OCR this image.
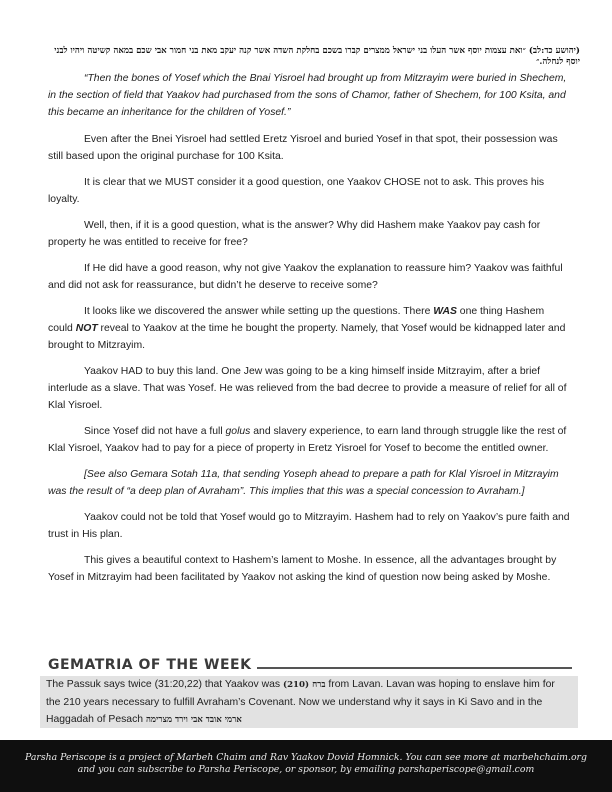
(יהושע כד:לב) ״ואת עצמות יוסף אשר העלו בני ישראל ממצרים קברו בשכם בחלקת השדה אשר קנה יעקב מאת בני חמור אבי שכם במאה קשיטה ויהיו לבני יוסף לנחלה.״

“Then the bones of Yosef which the Bnai Yisroel had brought up from Mitzrayim were buried in Shechem, in the section of field that Yaakov had purchased from the sons of Chamor, father of Shechem, for 100 Ksita, and this became an inheritance for the children of Yosef.”

Even after the Bnei Yisroel had settled Eretz Yisroel and buried Yosef in that spot, their possession was still based upon the original purchase for 100 Ksita.

It is clear that we MUST consider it a good question, one Yaakov CHOSE not to ask. This proves his loyalty.

Well, then, if it is a good question, what is the answer? Why did Hashem make Yaakov pay cash for property he was entitled to receive for free?

If He did have a good reason, why not give Yaakov the explanation to reassure him? Yaakov was faithful and did not ask for reassurance, but didn’t he deserve to receive some?

It looks like we discovered the answer while setting up the questions. There WAS one thing Hashem could NOT reveal to Yaakov at the time he bought the property. Namely, that Yosef would be kidnapped later and brought to Mitzrayim.

Yaakov HAD to buy this land. One Jew was going to be a king himself inside Mitzrayim, after a brief interlude as a slave. That was Yosef. He was relieved from the bad decree to provide a measure of relief for all of Klal Yisroel.

Since Yosef did not have a full golus and slavery experience, to earn land through struggle like the rest of Klal Yisroel, Yaakov had to pay for a piece of property in Eretz Yisroel for Yosef to become the entitled owner.

[See also Gemara Sotah 11a, that sending Yoseph ahead to prepare a path for Klal Yisroel in Mitzrayim was the result of “a deep plan of Avraham”. This implies that this was a special concession to Avraham.]

Yaakov could not be told that Yosef would go to Mitzrayim. Hashem had to rely on Yaakov’s pure faith and trust in His plan.

This gives a beautiful context to Hashem’s lament to Moshe. In essence, all the advantages brought by Yosef in Mitzrayim had been facilitated by Yaakov not asking the kind of question now being asked by Moshe.

GEMATRIA OF THE WEEK
The Passuk says twice (31:20,22) that Yaakov was (210) ברח from Lavan. Lavan was hoping to enslave him for the 210 years necessary to fulfill Avraham’s Covenant. Now we understand why it says in Ki Savo and in the Haggadah of Pesach ארמי אובד אבי וירד מצרימה
Parsha Periscope is a project of Marbeh Chaim and Rav Yaakov Dovid Homnick. You can see more at marbehchaim.org
and you can subscribe to Parsha Periscope, or sponsor, by emailing parshaperiscope@gmail.com
